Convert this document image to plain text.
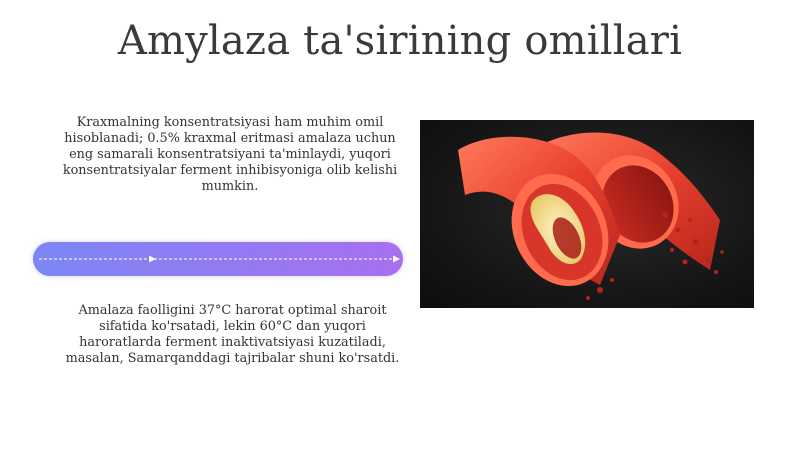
Amylaza ta'sirining omillari
Kraxmalning konsentratsiyasi ham muhim omil hisoblanadi; 0.5% kraxmal eritmasi amalaza uchun eng samarali konsentratsiyani ta'minlaydi, yuqori konsentratsiyalar ferment inhibisyoniga olib kelishi mumkin.
Amalaza faolligini 37°C harorat optimal sharoit sifatida ko'rsatadi, lekin 60°C dan yuqori haroratlarda ferment inaktivatsiyasi kuzatiladi, masalan, Samarqanddagi tajribalar shuni ko'rsatdi.
